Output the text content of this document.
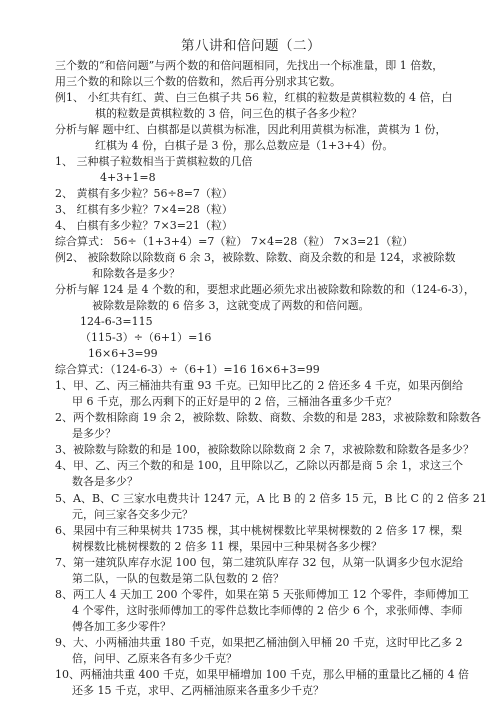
第八讲和倍问题（二）
三个数的“和倍问题”与两个数的和倍问题相同，先找出一个标准量，即 1 倍数，
用三个数的和除以三个数的倍数和，然后再分别求其它数。
例1、 小红共有红、黄、白三色棋子共 56 粒，红棋的粒数是黄棋粒数的 4 倍，白
棋的粒数是黄棋粒数的 3 倍，问三色的棋子各多少粒？
分析与解 题中红、白棋都是以黄棋为标准，因此利用黄棋为标准，黄棋为 1 份，
红棋为 4 份，白棋子是 3 份，那么总数应是（1+3+4）份。
1、 三种棋子粒数相当于黄棋粒数的几倍
4+3+1=8
2、 黄棋有多少粒？56÷8=7（粒）
3、 红棋有多少粒？7×4=28（粒）
4、 白棋有多少粒？7×3=21（粒）
综合算式： 56÷（1+3+4）=7（粒） 7×4=28（粒） 7×3=21（粒）
例2、 被除数除以除数商 6 余 3，被除数、除数、商及余数的和是 124，求被除数
和除数各是多少？
分析与解 124 是 4 个数的和，要想求此题必须先求出被除数和除数的和（124-6-3），
被除数是除数的 6 倍多 3，这就变成了两数的和倍问题。
124-6-3=115
（115-3）÷（6+1）=16
16×6+3=99
综合算式：（124-6-3）÷（6+1）=16 16×6+3=99
1、甲、乙、丙三桶油共有重 93 千克。已知甲比乙的 2 倍还多 4 千克，如果丙倒给
甲 6 千克，那么丙剩下的正好是甲的 2 倍，三桶油各重多少千克？
2、两个数相除商 19 余 2，被除数、除数、商数、余数的和是 283，求被除数和除数各
是多少？
3、被除数与除数的和是 100，被除数除以除数商 2 余 7，求被除数和除数各是多少？
4、甲、乙、丙三个数的和是 100，且甲除以乙，乙除以丙都是商 5 余 1，求这三个
数各是多少？
5、A、B、C 三家水电费共计 1247 元，A 比 B 的 2 倍多 15 元，B 比 C 的 2 倍多 21
元，问三家各交多少元？
6、果园中有三种果树共 1735 棵，其中桃树棵数比苹果树棵数的 2 倍多 17 棵，梨
树棵数比桃树棵数的 2 倍多 11 棵，果园中三种果树各多少棵？
7、第一建筑队库存水泥 100 包，第二建筑队库存 32 包，从第一队调多少包水泥给
第二队，一队的包数是第二队包数的 2 倍？
8、两工人 4 天加工 200 个零件，如果在第 5 天张师傅加工 12 个零件，李师傅加工
4 个零件，这时张师傅加工的零件总数比李师傅的 2 倍少 6 个，求张师傅、李师
傅各加工多少零件？
9、大、小两桶油共重 180 千克，如果把乙桶油倒入甲桶 20 千克，这时甲比乙多 2
倍，问甲、乙原来各有多少千克？
10、两桶油共重 400 千克，如果甲桶增加 100 千克，那么甲桶的重量比乙桶的 4 倍
还多 15 千克，求甲、乙两桶油原来各重多少千克？
